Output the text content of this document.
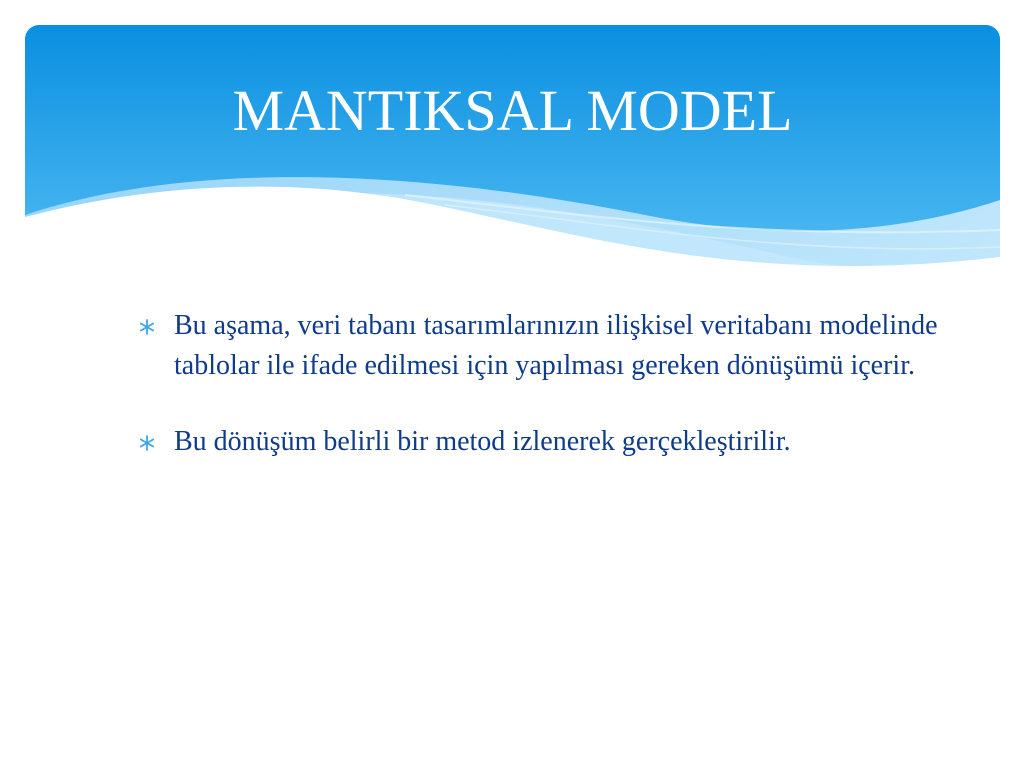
MANTIKSAL MODEL
Bu aşama, veri tabanı tasarımlarınızın ilişkisel veritabanı modelinde tablolar ile ifade edilmesi için yapılması gereken dönüşümü içerir.
Bu dönüşüm belirli bir metod izlenerek gerçekleştirilir.
